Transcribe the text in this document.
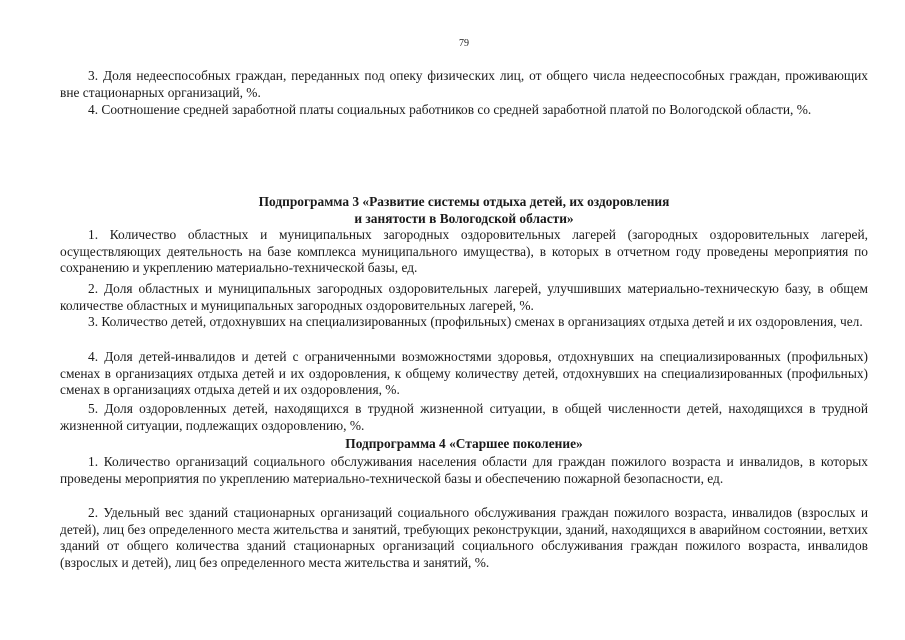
79

3. Доля недееспособных граждан, переданных под опеку физических лиц, от общего числа недееспособных граждан, проживающих вне стационарных организаций, %.

4. Соотношение средней заработной платы социальных работников со средней заработной платой по Вологодской области, %.

Подпрограмма 3 «Развитие системы отдыха детей, их оздоровления
и занятости в Вологодской области»

1. Количество областных и муниципальных загородных оздоровительных лагерей (загородных оздоровительных лагерей, осуществляющих деятельность на базе комплекса муниципального имущества), в которых в отчетном году проведены мероприятия по сохранению и укреплению материально-технической базы, ед.

2. Доля областных и муниципальных загородных оздоровительных лагерей, улучшивших материально-техническую базу, в общем количестве областных и муниципальных загородных оздоровительных лагерей, %.

3. Количество детей, отдохнувших на специализированных (профильных) сменах в организациях отдыха детей и их оздоровления, чел.

4. Доля детей-инвалидов и детей с ограниченными возможностями здоровья, отдохнувших на специализированных (профильных) сменах в организациях отдыха детей и их оздоровления, к общему количеству детей, отдохнувших на специализированных (профильных) сменах в организациях отдыха детей и их оздоровления, %.

5. Доля оздоровленных детей, находящихся в трудной жизненной ситуации, в общей численности детей, находящихся в трудной жизненной ситуации, подлежащих оздоровлению, %.

Подпрограмма 4 «Старшее поколение»

1. Количество организаций социального обслуживания населения области для граждан пожилого возраста и инвалидов, в которых проведены мероприятия по укреплению материально-технической базы и обеспечению пожарной безопасности, ед.

2. Удельный вес зданий стационарных организаций социального обслуживания граждан пожилого возраста, инвалидов (взрослых и детей), лиц без определенного места жительства и занятий, требующих реконструкции, зданий, находящихся в аварийном состоянии, ветхих зданий от общего количества зданий стационарных организаций социального обслуживания граждан пожилого возраста, инвалидов (взрослых и детей), лиц без определенного места жительства и занятий, %.
